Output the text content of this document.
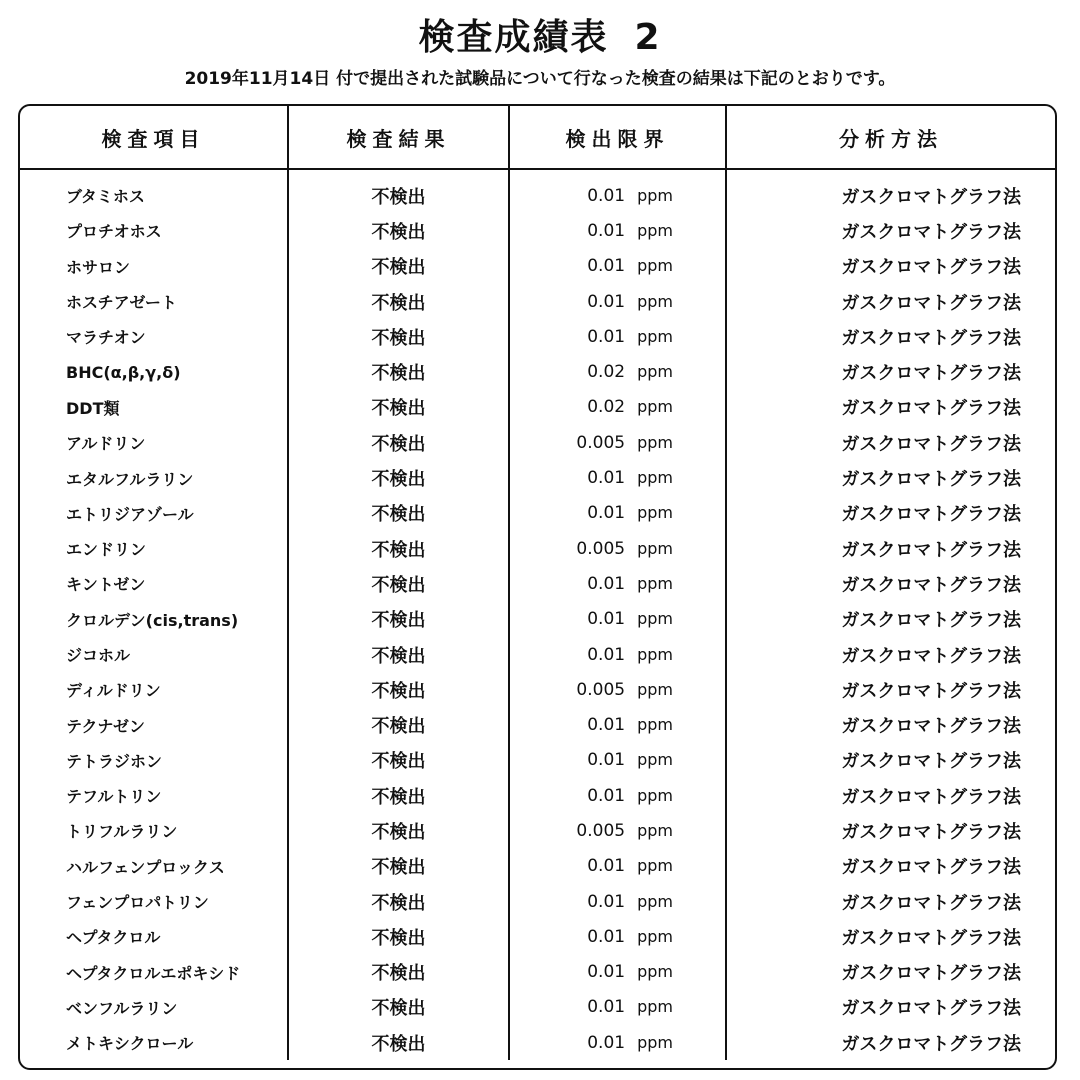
検査成績表 2

2019年11月14日 付で提出された試験品について行なった検査の結果は下記のとおりです。

検査項目	検査結果	検出限界	分析方法
ブタミホス	不検出	0.01 ppm	ガスクロマトグラフ法
プロチオホス	不検出	0.01 ppm	ガスクロマトグラフ法
ホサロン	不検出	0.01 ppm	ガスクロマトグラフ法
ホスチアゼート	不検出	0.01 ppm	ガスクロマトグラフ法
マラチオン	不検出	0.01 ppm	ガスクロマトグラフ法
BHC(α,β,γ,δ)	不検出	0.02 ppm	ガスクロマトグラフ法
DDT類	不検出	0.02 ppm	ガスクロマトグラフ法
アルドリン	不検出	0.005 ppm	ガスクロマトグラフ法
エタルフルラリン	不検出	0.01 ppm	ガスクロマトグラフ法
エトリジアゾール	不検出	0.01 ppm	ガスクロマトグラフ法
エンドリン	不検出	0.005 ppm	ガスクロマトグラフ法
キントゼン	不検出	0.01 ppm	ガスクロマトグラフ法
クロルデン(cis,trans)	不検出	0.01 ppm	ガスクロマトグラフ法
ジコホル	不検出	0.01 ppm	ガスクロマトグラフ法
ディルドリン	不検出	0.005 ppm	ガスクロマトグラフ法
テクナゼン	不検出	0.01 ppm	ガスクロマトグラフ法
テトラジホン	不検出	0.01 ppm	ガスクロマトグラフ法
テフルトリン	不検出	0.01 ppm	ガスクロマトグラフ法
トリフルラリン	不検出	0.005 ppm	ガスクロマトグラフ法
ハルフェンプロックス	不検出	0.01 ppm	ガスクロマトグラフ法
フェンプロパトリン	不検出	0.01 ppm	ガスクロマトグラフ法
ヘプタクロル	不検出	0.01 ppm	ガスクロマトグラフ法
ヘプタクロルエポキシド	不検出	0.01 ppm	ガスクロマトグラフ法
ベンフルラリン	不検出	0.01 ppm	ガスクロマトグラフ法
メトキシクロール	不検出	0.01 ppm	ガスクロマトグラフ法
